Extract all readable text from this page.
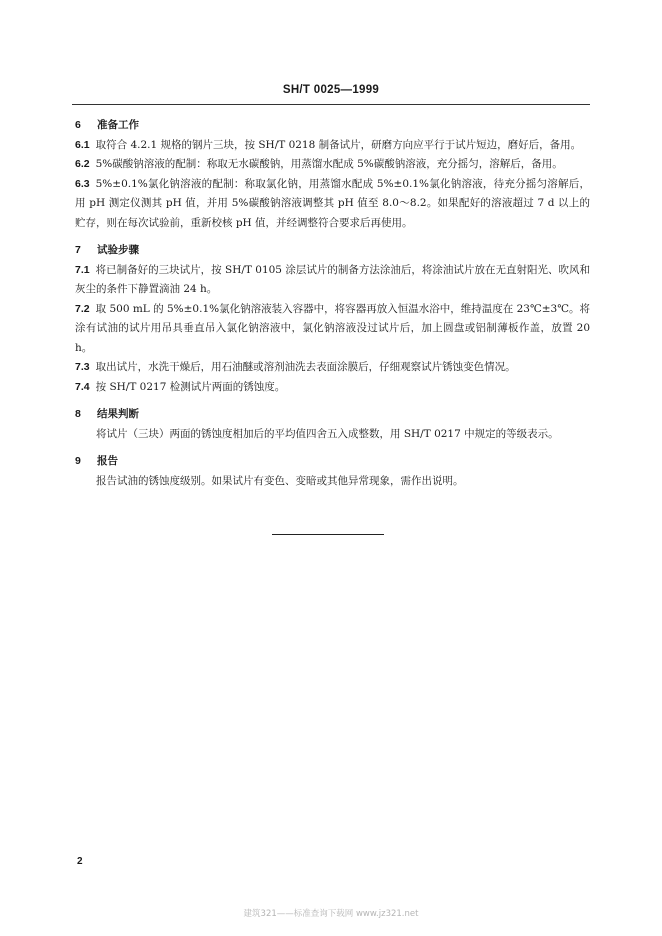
SH/T 0025—1999
6 准备工作

6.1 取符合 4.2.1 规格的钢片三块，按 SH/T 0218 制备试片，研磨方向应平行于试片短边，磨好后，备用。

6.2 5%碳酸钠溶液的配制：称取无水碳酸钠，用蒸馏水配成 5%碳酸钠溶液，充分摇匀，溶解后，备用。

6.3 5%±0.1%氯化钠溶液的配制：称取氯化钠，用蒸馏水配成 5%±0.1%氯化钠溶液，待充分摇匀溶解后，用 pH 测定仪测其 pH 值，并用 5%碳酸钠溶液调整其 pH 值至 8.0～8.2。如果配好的溶液超过 7 d 以上的贮存，则在每次试验前，重新校核 pH 值，并经调整符合要求后再使用。

7 试验步骤

7.1 将已制备好的三块试片，按 SH/T 0105 涂层试片的制备方法涂油后，将涂油试片放在无直射阳光、吹风和灰尘的条件下静置滴油 24 h。

7.2 取 500 mL 的 5%±0.1%氯化钠溶液装入容器中，将容器再放入恒温水浴中，维持温度在 23℃±3℃。将涂有试油的试片用吊具垂直吊入氯化钠溶液中，氯化钠溶液没过试片后，加上圆盘或铝制薄板作盖，放置 20 h。

7.3 取出试片，水洗干燥后，用石油醚或溶剂油洗去表面涂膜后，仔细观察试片锈蚀变色情况。

7.4 按 SH/T 0217 检测试片两面的锈蚀度。

8 结果判断

将试片（三块）两面的锈蚀度相加后的平均值四舍五入成整数，用 SH/T 0217 中规定的等级表示。

9 报告

报告试油的锈蚀度级别。如果试片有变色、变暗或其他异常现象，需作出说明。

2
建筑321——标准查询下载网 www.jz321.net
